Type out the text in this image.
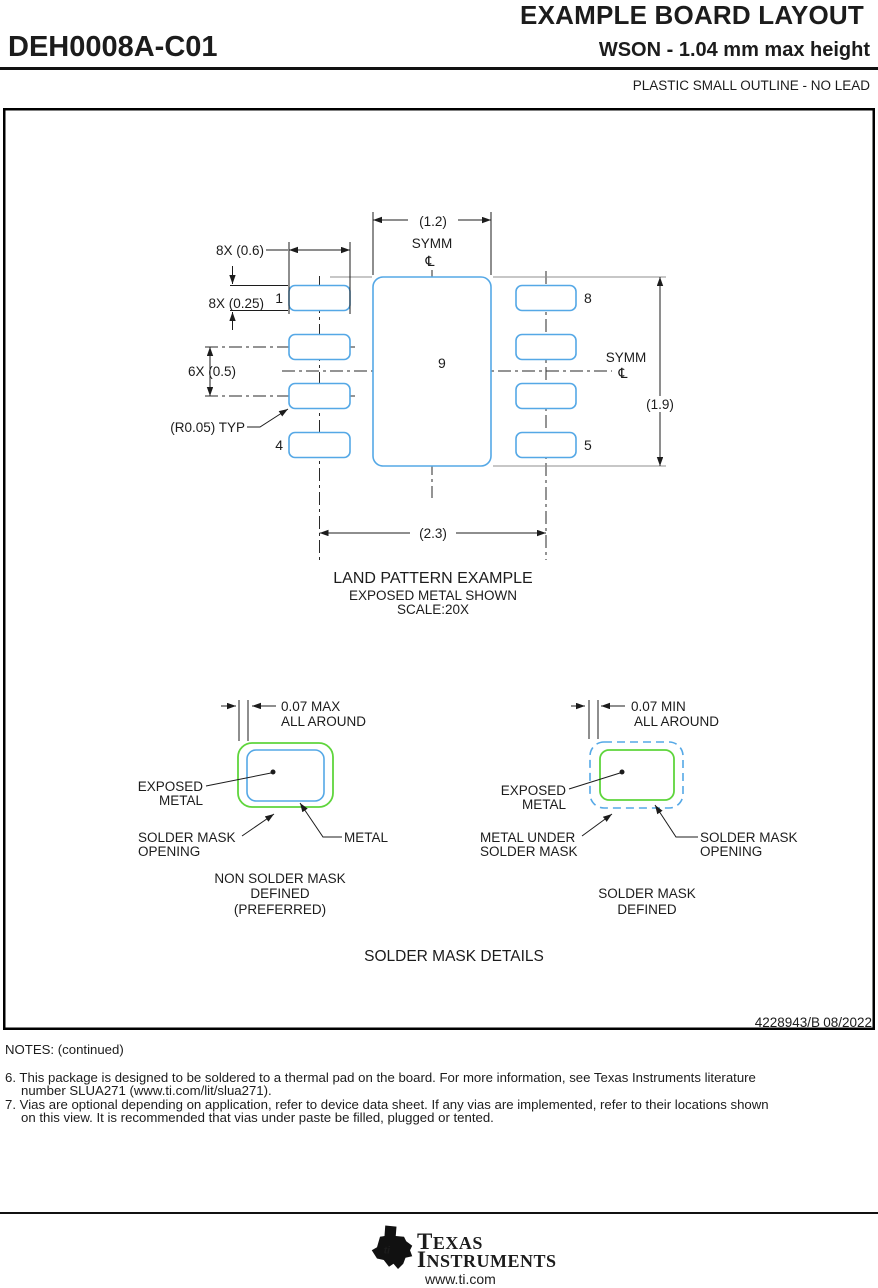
EXAMPLE BOARD LAYOUT
DEH0008A-C01	WSON - 1.04 mm max height
PLASTIC SMALL OUTLINE - NO LEAD
(1.2)
SYMM
℄
8X (0.6)
8X (0.25)
6X (0.5)
(R0.05) TYP
1
4
8
5
9	SYMM
℄
(1.9)
(2.3)
LAND PATTERN EXAMPLE
EXPOSED METAL SHOWN
SCALE:20X
0.07 MAX
ALL AROUND
EXPOSED
METAL
SOLDER MASK
OPENING
METAL
NON SOLDER MASK
DEFINED
(PREFERRED)
0.07 MIN
ALL AROUND
EXPOSED
METAL
METAL UNDER
SOLDER MASK
SOLDER MASK
OPENING
SOLDER MASK
DEFINED
SOLDER MASK DETAILS
4228943/B 08/2022
NOTES: (continued)
6. This package is designed to be soldered to a thermal pad on the board. For more information, see Texas Instruments literature
number SLUA271 (www.ti.com/lit/slua271).
7. Vias are optional depending on application, refer to device data sheet. If any vias are implemented, refer to their locations shown
on this view. It is recommended that vias under paste be filled, plugged or tented.
ti TEXAS
INSTRUMENTS
www.ti.com
